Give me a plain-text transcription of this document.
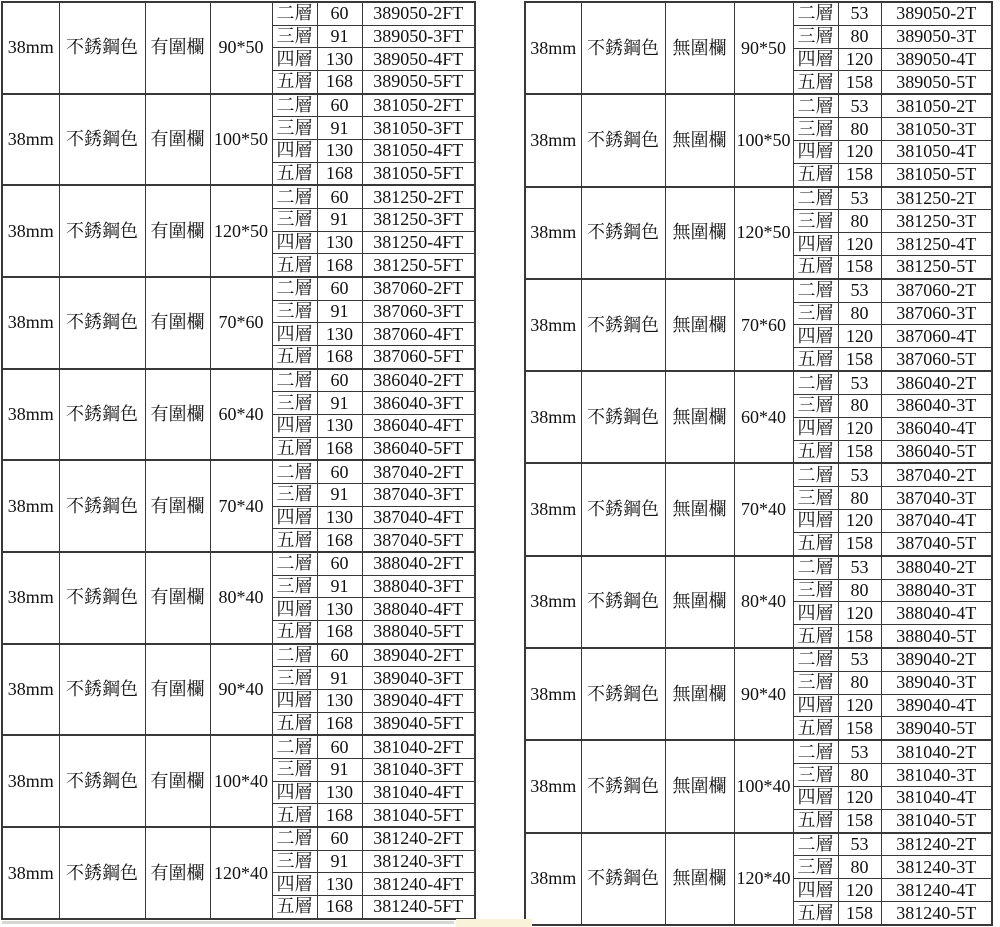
38mm	不銹鋼色	有圍欄	90*50	二層	60	389050-2FT
				三層	91	389050-3FT
				四層	130	389050-4FT
				五層	168	389050-5FT
38mm	不銹鋼色	有圍欄	100*50	二層	60	381050-2FT
				三層	91	381050-3FT
				四層	130	381050-4FT
				五層	168	381050-5FT
38mm	不銹鋼色	有圍欄	120*50	二層	60	381250-2FT
				三層	91	381250-3FT
				四層	130	381250-4FT
				五層	168	381250-5FT
38mm	不銹鋼色	有圍欄	70*60	二層	60	387060-2FT
				三層	91	387060-3FT
				四層	130	387060-4FT
				五層	168	387060-5FT
38mm	不銹鋼色	有圍欄	60*40	二層	60	386040-2FT
				三層	91	386040-3FT
				四層	130	386040-4FT
				五層	168	386040-5FT
38mm	不銹鋼色	有圍欄	70*40	二層	60	387040-2FT
				三層	91	387040-3FT
				四層	130	387040-4FT
				五層	168	387040-5FT
38mm	不銹鋼色	有圍欄	80*40	二層	60	388040-2FT
				三層	91	388040-3FT
				四層	130	388040-4FT
				五層	168	388040-5FT
38mm	不銹鋼色	有圍欄	90*40	二層	60	389040-2FT
				三層	91	389040-3FT
				四層	130	389040-4FT
				五層	168	389040-5FT
38mm	不銹鋼色	有圍欄	100*40	二層	60	381040-2FT
				三層	91	381040-3FT
				四層	130	381040-4FT
				五層	168	381040-5FT
38mm	不銹鋼色	有圍欄	120*40	二層	60	381240-2FT
				三層	91	381240-3FT
				四層	130	381240-4FT
				五層	168	381240-5FT
38mm	不銹鋼色	無圍欄	90*50	二層	53	389050-2T
				三層	80	389050-3T
				四層	120	389050-4T
				五層	158	389050-5T
38mm	不銹鋼色	無圍欄	100*50	二層	53	381050-2T
				三層	80	381050-3T
				四層	120	381050-4T
				五層	158	381050-5T
38mm	不銹鋼色	無圍欄	120*50	二層	53	381250-2T
				三層	80	381250-3T
				四層	120	381250-4T
				五層	158	381250-5T
38mm	不銹鋼色	無圍欄	70*60	二層	53	387060-2T
				三層	80	387060-3T
				四層	120	387060-4T
				五層	158	387060-5T
38mm	不銹鋼色	無圍欄	60*40	二層	53	386040-2T
				三層	80	386040-3T
				四層	120	386040-4T
				五層	158	386040-5T
38mm	不銹鋼色	無圍欄	70*40	二層	53	387040-2T
				三層	80	387040-3T
				四層	120	387040-4T
				五層	158	387040-5T
38mm	不銹鋼色	無圍欄	80*40	二層	53	388040-2T
				三層	80	388040-3T
				四層	120	388040-4T
				五層	158	388040-5T
38mm	不銹鋼色	無圍欄	90*40	二層	53	389040-2T
				三層	80	389040-3T
				四層	120	389040-4T
				五層	158	389040-5T
38mm	不銹鋼色	無圍欄	100*40	二層	53	381040-2T
				三層	80	381040-3T
				四層	120	381040-4T
				五層	158	381040-5T
38mm	不銹鋼色	無圍欄	120*40	二層	53	381240-2T
				三層	80	381240-3T
				四層	120	381240-4T
				五層	158	381240-5T
